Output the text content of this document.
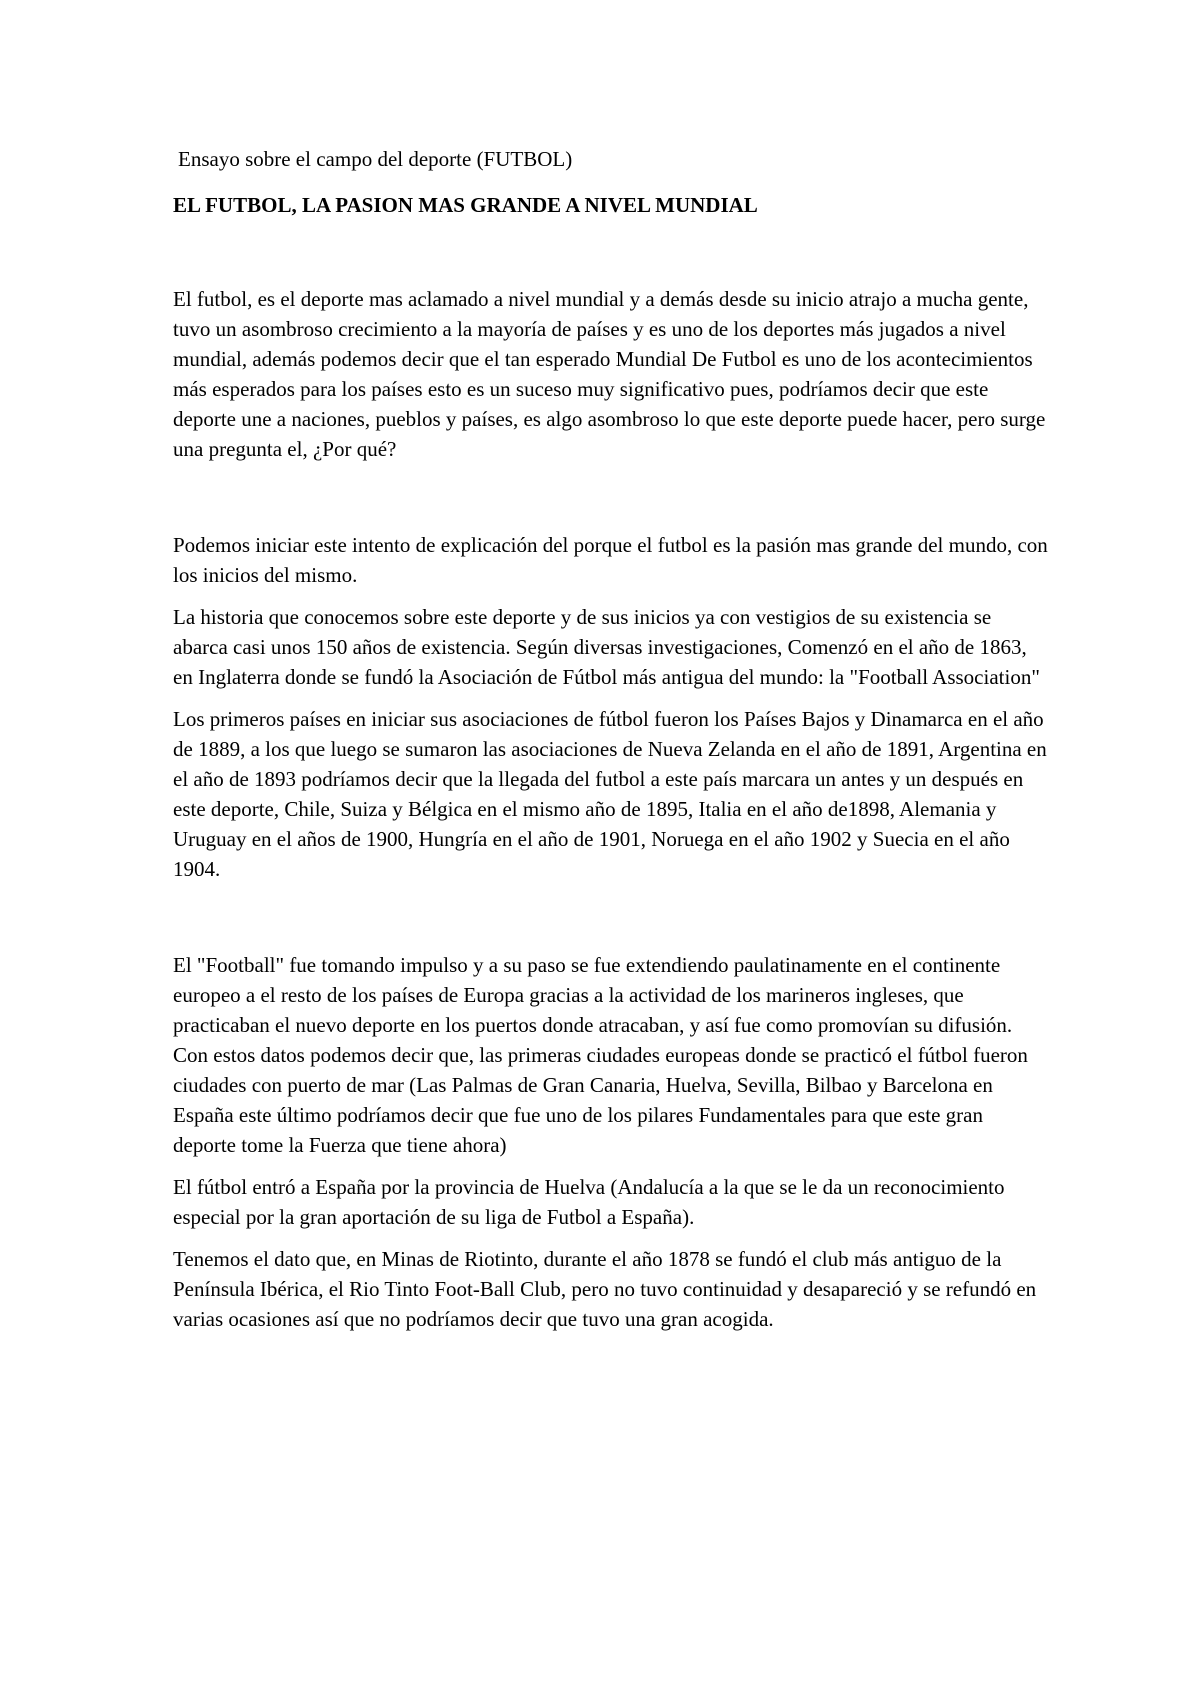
Ensayo sobre el campo del deporte (FUTBOL)

EL FUTBOL, LA PASION MAS GRANDE A NIVEL MUNDIAL

El futbol, es el deporte mas aclamado a nivel mundial y a demás desde su inicio atrajo a mucha gente, tuvo un asombroso crecimiento a la mayoría de países y es uno de los deportes más jugados a nivel mundial, además podemos decir que el tan esperado Mundial De Futbol es uno de los acontecimientos más esperados para los países esto es un suceso muy significativo pues, podríamos decir que este deporte une a naciones, pueblos y países, es algo asombroso lo que este deporte puede hacer, pero surge una pregunta el, ¿Por qué?

Podemos iniciar este intento de explicación del porque el futbol es la pasión mas grande del mundo, con los inicios del mismo.

La historia que conocemos sobre este deporte y de sus inicios ya con vestigios de su existencia se abarca casi unos 150 años de existencia. Según diversas investigaciones, Comenzó en el año de 1863, en Inglaterra donde se fundó la Asociación de Fútbol más antigua del mundo: la "Football Association"

Los primeros países en iniciar sus asociaciones de fútbol fueron los Países Bajos y Dinamarca en el año de 1889, a los que luego se sumaron las asociaciones de Nueva Zelanda en el año de 1891, Argentina en el año de 1893 podríamos decir que la llegada del futbol a este país marcara un antes y un después en este deporte, Chile, Suiza y Bélgica en el mismo año de 1895, Italia en el año de1898, Alemania y Uruguay en el años de 1900, Hungría en el año de 1901, Noruega en el año 1902 y Suecia en el año 1904.

El "Football" fue tomando impulso y a su paso se fue extendiendo paulatinamente en el continente europeo a el resto de los países de Europa gracias a la actividad de los marineros ingleses, que practicaban el nuevo deporte en los puertos donde atracaban, y así fue como promovían su difusión. Con estos datos podemos decir que, las primeras ciudades europeas donde se practicó el fútbol fueron ciudades con puerto de mar (Las Palmas de Gran Canaria, Huelva, Sevilla, Bilbao y Barcelona en España este último podríamos decir que fue uno de los pilares Fundamentales para que este gran deporte tome la Fuerza que tiene ahora)

El fútbol entró a España por la provincia de Huelva (Andalucía a la que se le da un reconocimiento especial por la gran aportación de su liga de Futbol a España).

Tenemos el dato que, en Minas de Riotinto, durante el año 1878 se fundó el club más antiguo de la Península Ibérica, el Rio Tinto Foot-Ball Club, pero no tuvo continuidad y desapareció y se refundó en varias ocasiones así que no podríamos decir que tuvo una gran acogida.
